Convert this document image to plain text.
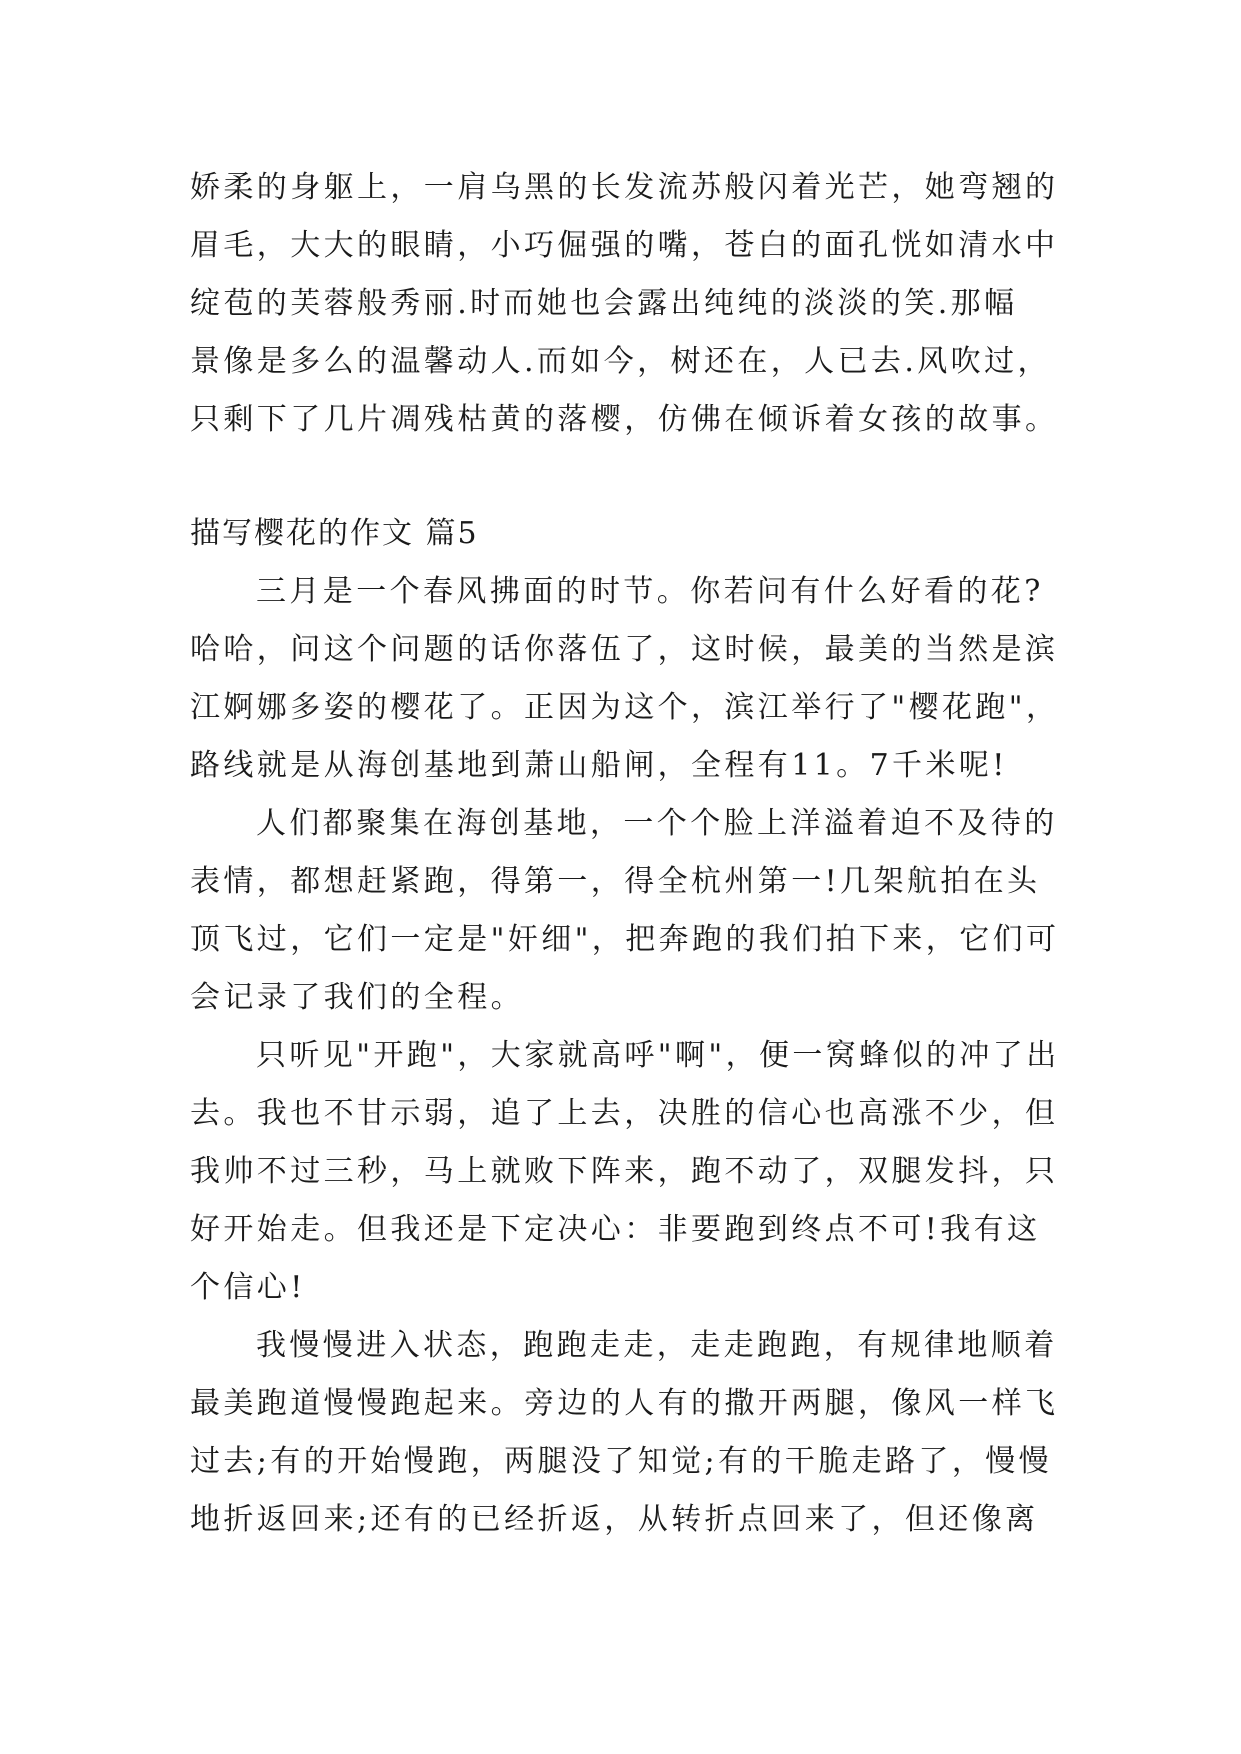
娇柔的身躯上，一肩乌黑的长发流苏般闪着光芒，她弯翘的
眉毛，大大的眼睛，小巧倔强的嘴，苍白的面孔恍如清水中
绽苞的芙蓉般秀丽.时而她也会露出纯纯的淡淡的笑.那幅
景像是多么的温馨动人.而如今，树还在，人已去.风吹过，
只剩下了几片凋残枯黄的落樱，仿佛在倾诉着女孩的故事。
描写樱花的作文 篇5
三月是一个春风拂面的时节。你若问有什么好看的花?
哈哈，问这个问题的话你落伍了，这时候，最美的当然是滨
江婀娜多姿的樱花了。正因为这个，滨江举行了"樱花跑"，
路线就是从海创基地到萧山船闸，全程有11。7千米呢!
人们都聚集在海创基地，一个个脸上洋溢着迫不及待的
表情，都想赶紧跑，得第一，得全杭州第一!几架航拍在头
顶飞过，它们一定是"奸细"，把奔跑的我们拍下来，它们可
会记录了我们的全程。
只听见"开跑"，大家就高呼"啊"，便一窝蜂似的冲了出
去。我也不甘示弱，追了上去，决胜的信心也高涨不少，但
我帅不过三秒，马上就败下阵来，跑不动了，双腿发抖，只
好开始走。但我还是下定决心：非要跑到终点不可!我有这
个信心!
我慢慢进入状态，跑跑走走，走走跑跑，有规律地顺着
最美跑道慢慢跑起来。旁边的人有的撒开两腿，像风一样飞
过去;有的开始慢跑，两腿没了知觉;有的干脆走路了，慢慢
地折返回来;还有的已经折返，从转折点回来了，但还像离
